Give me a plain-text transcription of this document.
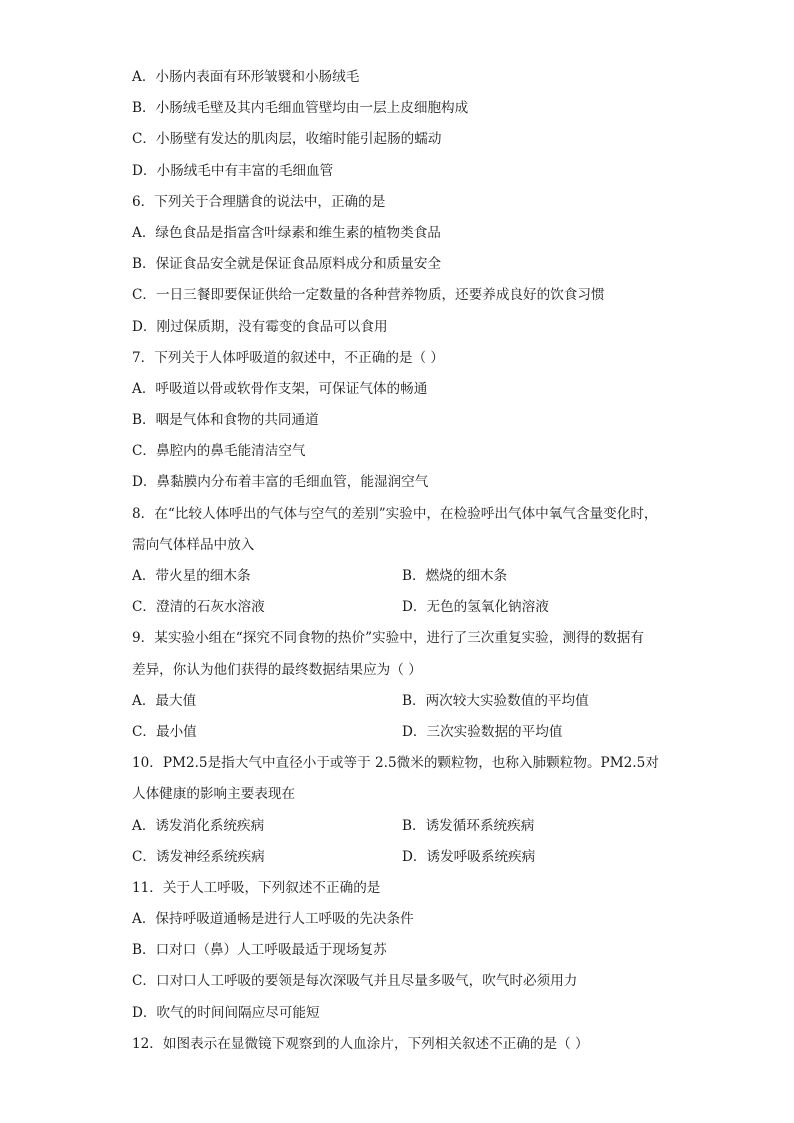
A．小肠内表面有环形皱襞和小肠绒毛
B．小肠绒毛壁及其内毛细血管壁均由一层上皮细胞构成
C．小肠壁有发达的肌肉层，收缩时能引起肠的蠕动
D．小肠绒毛中有丰富的毛细血管
6．下列关于合理膳食的说法中，正确的是
A．绿色食品是指富含叶绿素和维生素的植物类食品
B．保证食品安全就是保证食品原料成分和质量安全
C．一日三餐即要保证供给一定数量的各种营养物质，还要养成良好的饮食习惯
D．刚过保质期，没有霉变的食品可以食用
7．下列关于人体呼吸道的叙述中，不正确的是（ ）
A．呼吸道以骨或软骨作支架，可保证气体的畅通
B．咽是气体和食物的共同通道
C．鼻腔内的鼻毛能清洁空气
D．鼻黏膜内分布着丰富的毛细血管，能湿润空气
8．在“比较人体呼出的气体与空气的差别”实验中，在检验呼出气体中氧气含量变化时，
需向气体样品中放入
A．带火星的细木条	B．燃烧的细木条
C．澄清的石灰水溶液	D．无色的氢氧化钠溶液
9．某实验小组在“探究不同食物的热价”实验中，进行了三次重复实验，测得的数据有
差异，你认为他们获得的最终数据结果应为（ ）
A．最大值	B．两次较大实验数值的平均值
C．最小值	D．三次实验数据的平均值
10．PM2.5是指大气中直径小于或等于 2.5微米的颗粒物，也称入肺颗粒物。PM2.5对
人体健康的影响主要表现在
A．诱发消化系统疾病	B．诱发循环系统疾病
C．诱发神经系统疾病	D．诱发呼吸系统疾病
11．关于人工呼吸，下列叙述不正确的是
A．保持呼吸道通畅是进行人工呼吸的先决条件
B．口对口（鼻）人工呼吸最适于现场复苏
C．口对口人工呼吸的要领是每次深吸气并且尽量多吸气，吹气时必须用力
D．吹气的时间间隔应尽可能短
12．如图表示在显微镜下观察到的人血涂片，下列相关叙述不正确的是（ ）
